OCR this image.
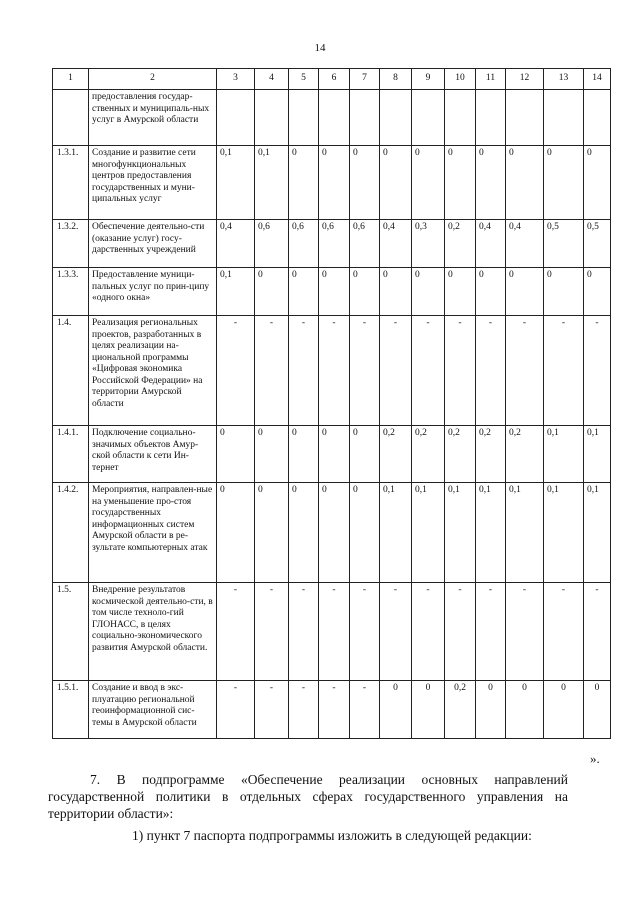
14
1	2	3	4	5	6	7	8	9	10	11	12	13	14
	предоставления государ-ственных и муниципаль-ных услуг в Амурской области												
1.3.1.	Создание и развитие сети многофункциональных центров предоставления государственных и муни-ципальных услуг	0,1	0,1	0	0	0	0	0	0	0	0	0	0
1.3.2.	Обеспечение деятельно-сти (оказание услуг) госу-дарственных учреждений	0,4	0,6	0,6	0,6	0,6	0,4	0,3	0,2	0,4	0,4	0,5	0,5
1.3.3.	Предоставление муници-пальных услуг по прин-ципу «одного окна»	0,1	0	0	0	0	0	0	0	0	0	0	0
1.4.	Реализация региональных проектов, разработанных в целях реализации на-циональной программы «Цифровая экономика Российской Федерации» на территории Амурской области	-	-	-	-	-	-	-	-	-	-	-	-
1.4.1.	Подключение социально-значимых объектов Амур-ской области к сети Ин-тернет	0	0	0	0	0	0,2	0,2	0,2	0,2	0,2	0,1	0,1
1.4.2.	Мероприятия, направлен-ные на уменьшение про-стоя государственных информационных систем Амурской области в ре-зультате компьютерных атак	0	0	0	0	0	0,1	0,1	0,1	0,1	0,1	0,1	0,1
1.5.	Внедрение результатов космической деятельно-сти, в том числе техноло-гий ГЛОНАСС, в целях социально-экономического развития Амурской области.	-	-	-	-	-	-	-	-	-	-	-	-
1.5.1.	Создание и ввод в экс-плуатацию региональной геоинформационной сис-темы в Амурской области	-	-	-	-	-	0	0	0,2	0	0	0	0
».
7. В подпрограмме «Обеспечение реализации основных направлений государственной политики в отдельных сферах государственного управления на территории области»:
1) пункт 7 паспорта подпрограммы изложить в следующей редакции:
